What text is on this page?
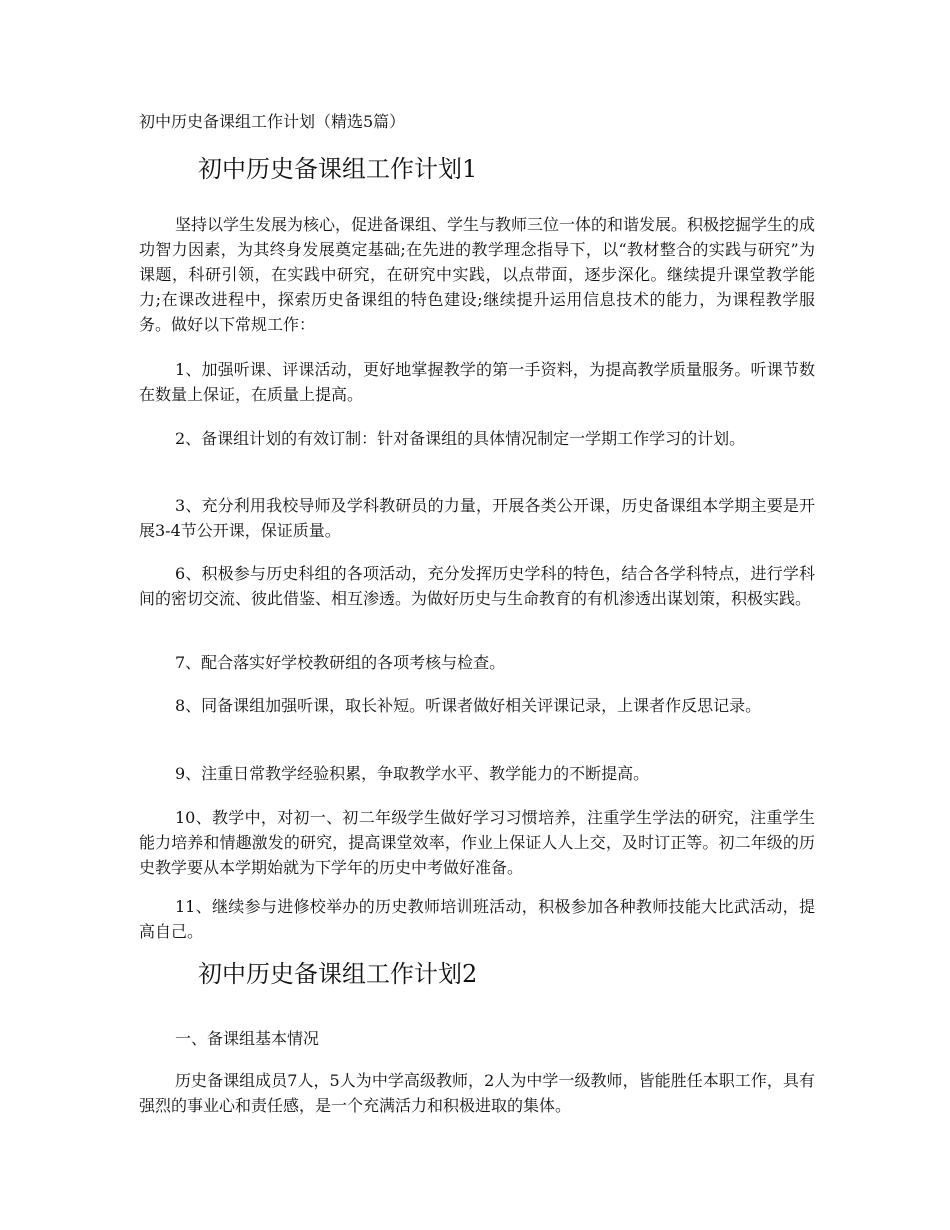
初中历史备课组工作计划（精选5篇）

初中历史备课组工作计划1

坚持以学生发展为核心，促进备课组、学生与教师三位一体的和谐发展。积极挖掘学生的成功智力因素，为其终身发展奠定基础;在先进的教学理念指导下，以“教材整合的实践与研究”为课题，科研引领，在实践中研究，在研究中实践，以点带面，逐步深化。继续提升课堂教学能力;在课改进程中，探索历史备课组的特色建设;继续提升运用信息技术的能力，为课程教学服务。做好以下常规工作：

1、加强听课、评课活动，更好地掌握教学的第一手资料，为提高教学质量服务。听课节数在数量上保证，在质量上提高。

2、备课组计划的有效订制：针对备课组的具体情况制定一学期工作学习的计划。

3、充分利用我校导师及学科教研员的力量，开展各类公开课，历史备课组本学期主要是开展3-4节公开课，保证质量。

6、积极参与历史科组的各项活动，充分发挥历史学科的特色，结合各学科特点，进行学科间的密切交流、彼此借鉴、相互渗透。为做好历史与生命教育的有机渗透出谋划策，积极实践。

7、配合落实好学校教研组的各项考核与检查。

8、同备课组加强听课，取长补短。听课者做好相关评课记录，上课者作反思记录。

9、注重日常教学经验积累，争取教学水平、教学能力的不断提高。

10、教学中，对初一、初二年级学生做好学习习惯培养，注重学生学法的研究，注重学生能力培养和情趣激发的研究，提高课堂效率，作业上保证人人上交，及时订正等。初二年级的历史教学要从本学期始就为下学年的历史中考做好准备。

11、继续参与进修校举办的历史教师培训班活动，积极参加各种教师技能大比武活动，提高自己。

初中历史备课组工作计划2

一、备课组基本情况

历史备课组成员7人，5人为中学高级教师，2人为中学一级教师，皆能胜任本职工作，具有强烈的事业心和责任感，是一个充满活力和积极进取的集体。
